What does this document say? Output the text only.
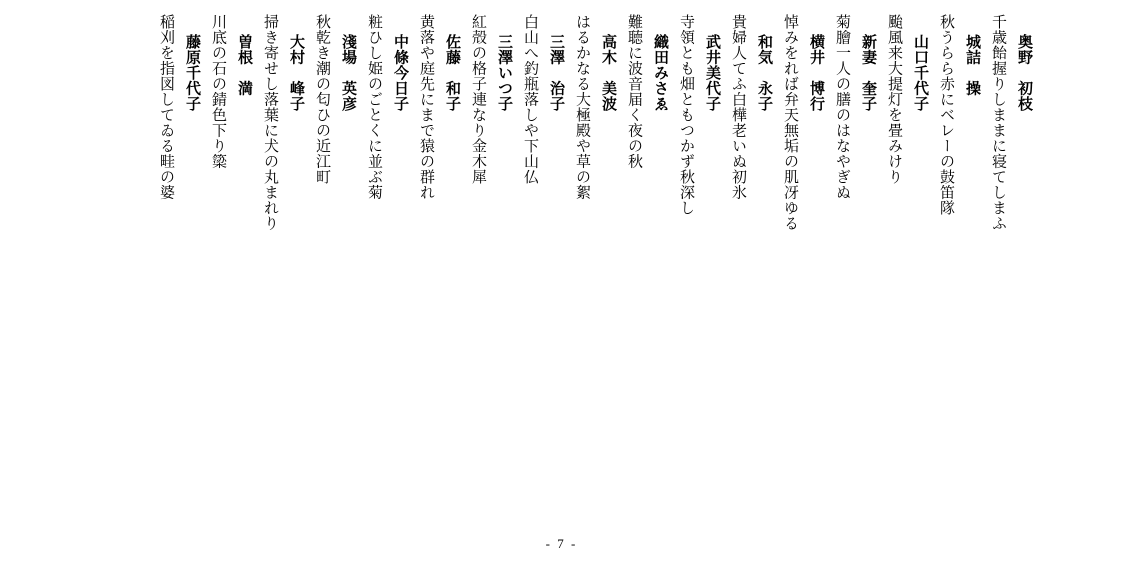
奥野　初枝
千歳飴握りしままに寝てしまふ
城詰　操
秋うらら赤にベレーの鼓笛隊
山口千代子
颱風来大提灯を畳みけり
新妻　奎子
菊膾一人の膳のはなやぎぬ
横井　博行
悼みをれば弁天無垢の肌冴ゆる
和気　永子
貴婦人てふ白樺老いぬ初氷
武井美代子
寺領とも畑ともつかず秋深し
織田みさゑ
難聴に波音届く夜の秋
高木　美波
はるかなる大極殿や草の絮
三澤　治子
白山へ釣瓶落しや下山仏
三澤いつ子
紅殻の格子連なり金木犀
佐藤　和子
黄落や庭先にまで猿の群れ
中條今日子
粧ひし姫のごとくに並ぶ菊
淺場　英彦
秋乾き潮の匂ひの近江町
大村　峰子
掃き寄せし落葉に犬の丸まれり
曽根　満
川底の石の錆色下り簗
藤原千代子
稲刈を指図してゐる畦の婆
- 7 -
